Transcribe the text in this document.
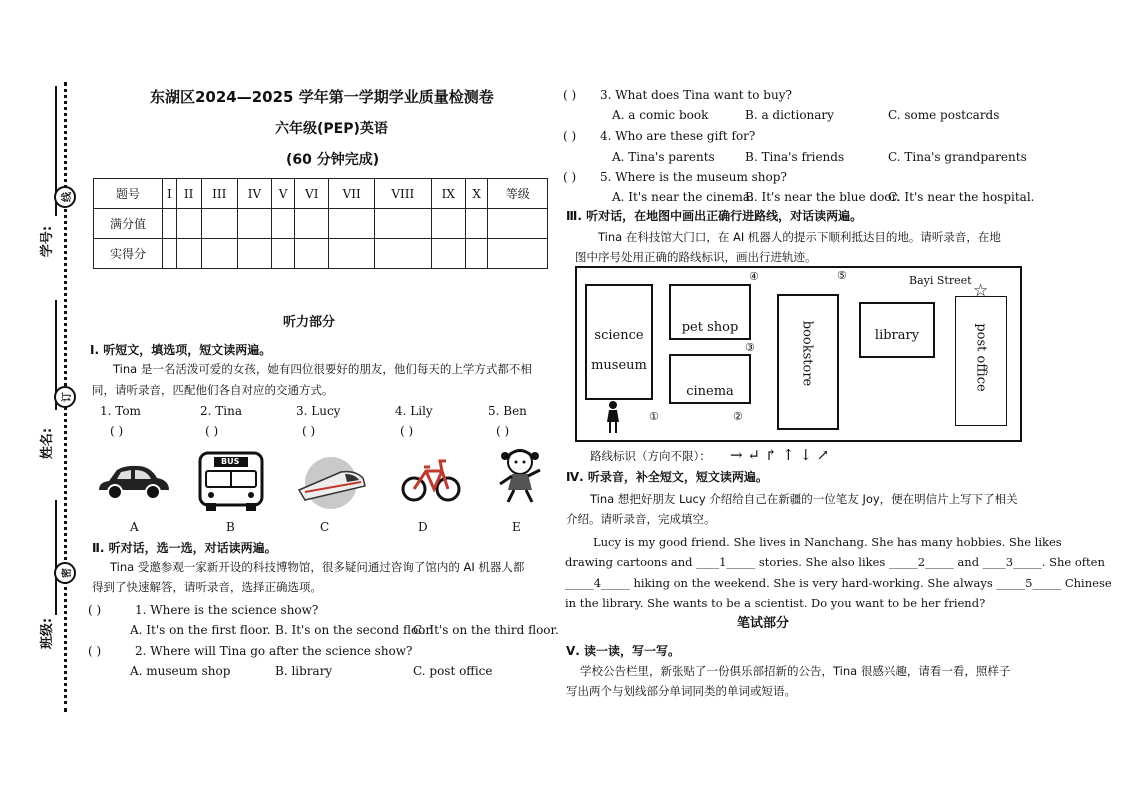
学号:
姓名:
班级:
线
订
密
东湖区2024—2025 学年第一学期学业质量检测卷
六年级(PEP)英语
(60 分钟完成)
题号	I	II	III	IV	V	VI	VII	VIII	IX	X	等级
满分值											
实得分											
听力部分
Ⅰ. 听短文，填选项，短文读两遍。
Tina 是一名活泼可爱的女孩，她有四位很要好的朋友，他们每天的上学方式都不相
同，请听录音，匹配他们各自对应的交通方式。
1. Tom	2. Tina	3. Lucy	4. Lily	5. Ben
( )	( )	( )	( )	( )
BUS
A	B	C	D	E
Ⅱ. 听对话，选一选，对话读两遍。
Tina 受邀参观一家新开设的科技博物馆，很多疑问通过咨询了馆内的 AI 机器人都
得到了快速解答，请听录音，选择正确选项。
( )	1. Where is the science show?
A. It's on the first floor. B. It's on the second floor.
C. It's on the third floor.
( )	2. Where will Tina go after the science show?
A. museum shop	B. library	C. post office
( ) 3. What does Tina want to buy?
A. a comic book	B. a dictionary	C. some postcards
( ) 4. Who are these gift for?
A. Tina's parents	B. Tina's friends	C. Tina's grandparents
( ) 5. Where is the museum shop?
A. It's near the cinema.
B. It's near the blue door.
C. It's near the hospital.
Ⅲ. 听对话，在地图中画出正确行进路线，对话读两遍。
Tina 在科技馆大门口，在 AI 机器人的提示下顺利抵达目的地。请听录音，在地
图中序号处用正确的路线标识，画出行进轨迹。
science
museum
pet shop
cinema
bookstore	library	post office
Bayi Street
☆
①	②
③
④	⑤
路线标识（方向不限）： → ↵ ↱ ↑ ↓ ↗
Ⅳ. 听录音，补全短文，短文读两遍。
Tina 想把好朋友 Lucy 介绍给自己在新疆的一位笔友 Joy，便在明信片上写下了相关
介绍。请听录音，完成填空。
Lucy is my good friend. She lives in Nanchang. She has many hobbies. She likes
drawing cartoons and ____1_____ stories. She also likes _____2_____ and ____3_____. She often
_____4_____ hiking on the weekend. She is very hard-working. She always _____5_____ Chinese
in the library. She wants to be a scientist. Do you want to be her friend?
笔试部分
Ⅴ. 读一读，写一写。
学校公告栏里，新张贴了一份俱乐部招新的公告，Tina 很感兴趣，请看一看，照样子
写出两个与划线部分单词同类的单词或短语。
